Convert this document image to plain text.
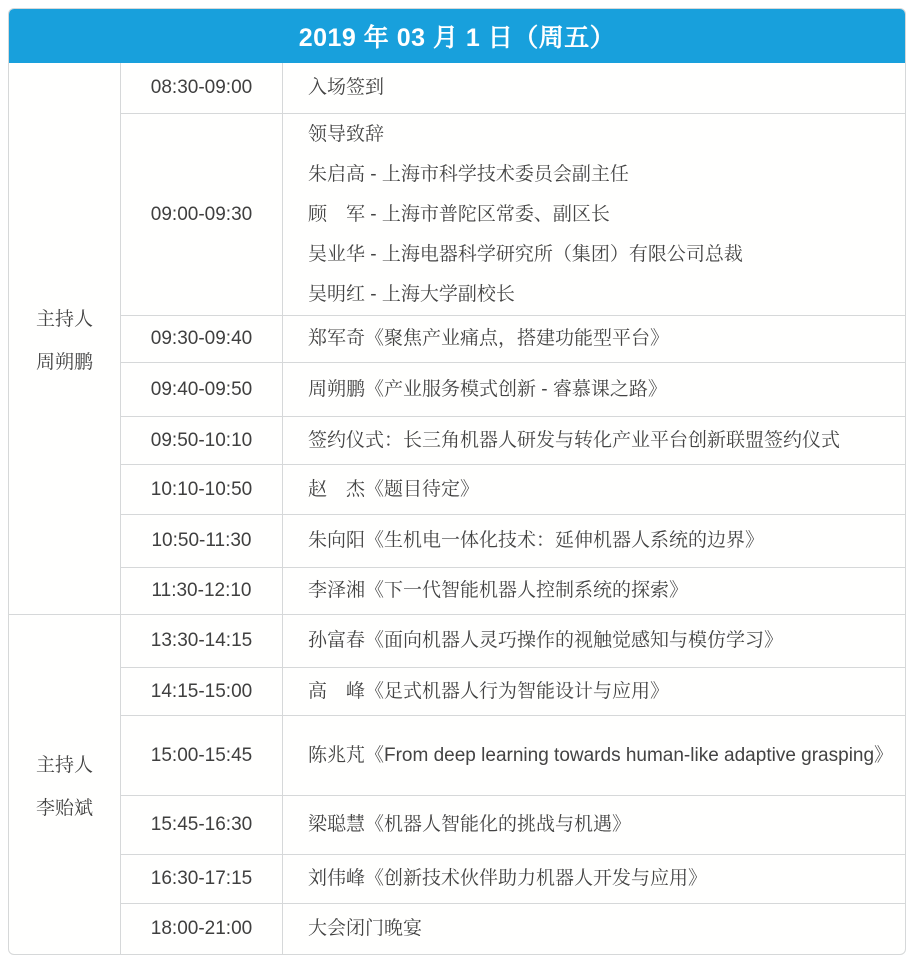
2019 年 03 月 1 日（周五）
主持人
周朔鹏
08:30-09:00	入场签到
09:00-09:30
领导致辞
朱启高 - 上海市科学技术委员会副主任
顾　军 - 上海市普陀区常委、副区长
吴业华 - 上海电器科学研究所（集团）有限公司总裁
吴明红 - 上海大学副校长
09:30-09:40	郑军奇《聚焦产业痛点，搭建功能型平台》
09:40-09:50	周朔鹏《产业服务模式创新 - 睿慕课之路》
09:50-10:10	签约仪式：长三角机器人研发与转化产业平台创新联盟签约仪式
10:10-10:50	赵　杰《题目待定》
10:50-11:30	朱向阳《生机电一体化技术：延伸机器人系统的边界》
11:30-12:10	李泽湘《下一代智能机器人控制系统的探索》
主持人
李贻斌
13:30-14:15	孙富春《面向机器人灵巧操作的视触觉感知与模仿学习》
14:15-15:00	高　峰《足式机器人行为智能设计与应用》
15:00-15:45	陈兆芃《From deep learning towards human-like adaptive grasping》
15:45-16:30	梁聪慧《机器人智能化的挑战与机遇》
16:30-17:15	刘伟峰《创新技术伙伴助力机器人开发与应用》
18:00-21:00	大会闭门晚宴
